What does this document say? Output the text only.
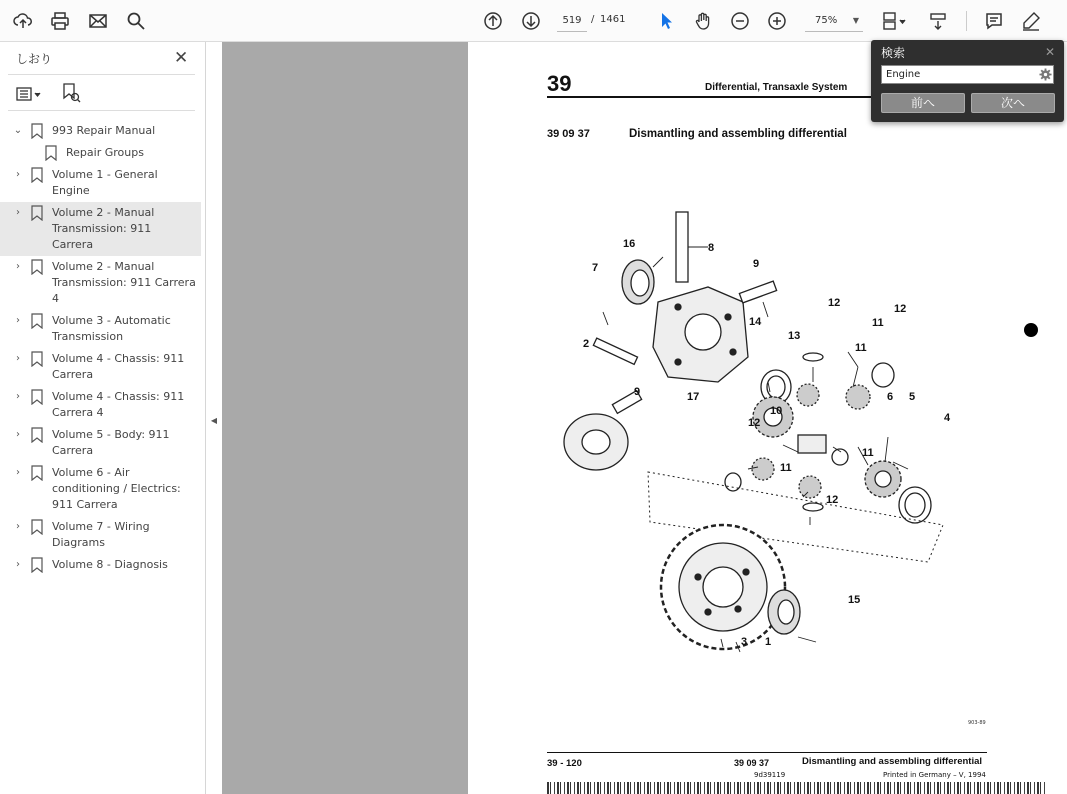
519 / 1461	75% ▼
しおり	✕
⌄	993 Repair Manual
Repair Groups
›	Volume 1 - General Engine
›	Volume 2 - Manual Transmission: 911 Carrera
›	Volume 2 - Manual Transmission: 911 Carrera 4
›	Volume 3 - Automatic Transmission
›	Volume 4 - Chassis: 911 Carrera
›	Volume 4 - Chassis: 911 Carrera 4
›	Volume 5 - Body: 911 Carrera
›	Volume 6 - Air conditioning / Electrics: 911 Carrera
›	Volume 7 - Wiring Diagrams
›	Volume 8 - Diagnosis
◀
39	Differential, Transaxle System
39 09 37	Dismantling and assembling differential
16	8
7	9
2
14
12
13
11
12
11
9	17
10
6 5
12	4
11
11
12
15
3 1
903-89
39 - 120	39 09 37	Dismantling and assembling differential
9d39119	Printed in Germany – V, 1994
検索	✕
Engine
前へ	次へ
